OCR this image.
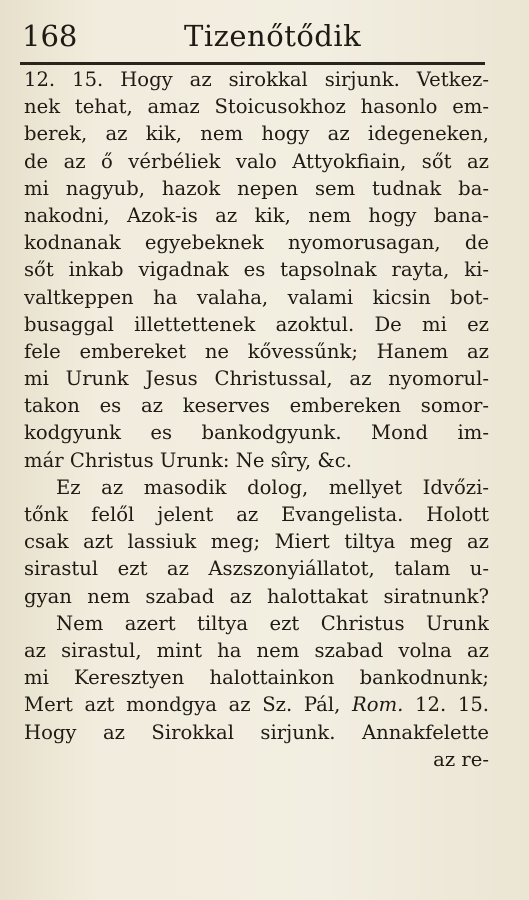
168	Tizenőtődik
12. 15. Hogy az sirokkal sirjunk. Vetkez-
nek tehat, amaz Stoicusokhoz hasonlo em-
berek, az kik, nem hogy az idegeneken,
de az ő vérbéliek valo Attyokfiain, sőt az
mi nagyub, hazok nepen sem tudnak ba-
nakodni, Azok-is az kik, nem hogy bana-
kodnanak egyebeknek nyomorusagan, de
sőt inkab vigadnak es tapsolnak rayta, ki-
valtkeppen ha valaha, valami kicsin bot-
busaggal illettettenek azoktul. De mi ez
fele embereket ne kővessűnk; Hanem az
mi Urunk Jesus Christussal, az nyomorul-
takon es az keserves embereken somor-
kodgyunk es bankodgyunk. Mond im-
már Christus Urunk: Ne sîry, &c.
Ez az masodik dolog, mellyet Idvőzi-
tőnk felől jelent az Evangelista. Holott
csak azt lassiuk meg; Miert tiltya meg az
sirastul ezt az Aszszonyiállatot, talam u-
gyan nem szabad az halottakat siratnunk?
Nem azert tiltya ezt Christus Urunk
az sirastul, mint ha nem szabad volna az
mi Keresztyen halottainkon bankodnunk;
Mert azt mondgya az Sz. Pál, Rom. 12. 15.
Hogy az Sirokkal sirjunk. Annakfelette
az re-
